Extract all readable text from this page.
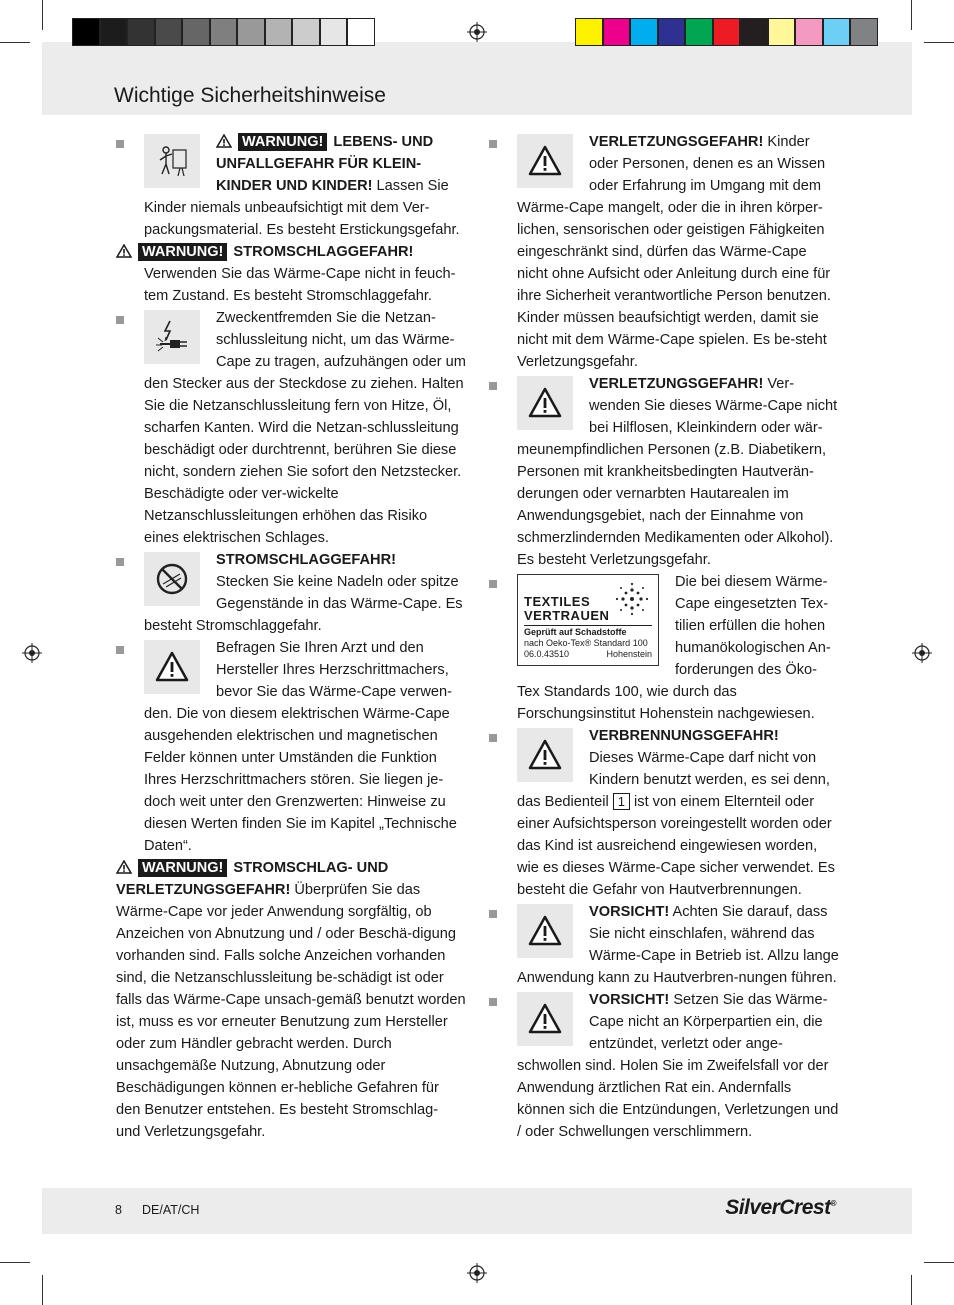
Wichtige Sicherheitshinweise
WARNUNG! LEBENS- UND UNFALLGEFAHR FÜR KLEIN-KINDER UND KINDER! Lassen Sie Kinder niemals unbeaufsichtigt mit dem Ver-packungsmaterial. Es besteht Erstickungsgefahr.
WARNUNG! STROMSCHLAGGEFAHR!
Verwenden Sie das Wärme-Cape nicht in feuch-tem Zustand. Es besteht Stromschlaggefahr.
Zweckentfremden Sie die Netzan-schlussleitung nicht, um das Wärme-Cape zu tragen, aufzuhängen oder um den Stecker aus der Steckdose zu ziehen. Halten Sie die Netzanschlussleitung fern von Hitze, Öl, scharfen Kanten. Wird die Netzan-schlussleitung beschädigt oder durchtrennt, berühren Sie diese nicht, sondern ziehen Sie sofort den Netzstecker. Beschädigte oder ver-wickelte Netzanschlussleitungen erhöhen das Risiko eines elektrischen Schlages.
STROMSCHLAGGEFAHR!
Stecken Sie keine Nadeln oder spitze Gegenstände in das Wärme-Cape. Es besteht Stromschlaggefahr.
Befragen Sie Ihren Arzt und den Hersteller Ihres Herzschrittmachers, bevor Sie das Wärme-Cape verwen-den. Die von diesem elektrischen Wärme-Cape ausgehenden elektrischen und magnetischen Felder können unter Umständen die Funktion Ihres Herzschrittmachers stören. Sie liegen je-doch weit unter den Grenzwerten: Hinweise zu diesen Werten finden Sie im Kapitel „Technische Daten“.
WARNUNG! STROMSCHLAG- UND VERLETZUNGSGEFAHR! Überprüfen Sie das Wärme-Cape vor jeder Anwendung sorgfältig, ob Anzeichen von Abnutzung und / oder Beschä-digung vorhanden sind. Falls solche Anzeichen vorhanden sind, die Netzanschlussleitung be-schädigt ist oder falls das Wärme-Cape unsach-gemäß benutzt worden ist, muss es vor erneuter Benutzung zum Hersteller oder zum Händler gebracht werden. Durch unsachgemäße Nutzung, Abnutzung oder Beschädigungen können er-hebliche Gefahren für den Benutzer entstehen. Es besteht Stromschlag- und Verletzungsgefahr.
VERLETZUNGSGEFAHR! Kinder oder Personen, denen es an Wissen oder Erfahrung im Umgang mit dem Wärme-Cape mangelt, oder die in ihren körper-lichen, sensorischen oder geistigen Fähigkeiten eingeschränkt sind, dürfen das Wärme-Cape nicht ohne Aufsicht oder Anleitung durch eine für ihre Sicherheit verantwortliche Person benutzen. Kinder müssen beaufsichtigt werden, damit sie nicht mit dem Wärme-Cape spielen. Es be-steht Verletzungsgefahr.
VERLETZUNGSGEFAHR! Ver-wenden Sie dieses Wärme-Cape nicht bei Hilflosen, Kleinkindern oder wär-meunempfindlichen Personen (z.B. Diabetikern, Personen mit krankheitsbedingten Hautverän-derungen oder vernarbten Hautarealen im Anwendungsgebiet, nach der Einnahme von schmerzlindernden Medikamenten oder Alkohol). Es besteht Verletzungsgefahr.
TEXTILES
VERTRAUEN
Geprüft auf Schadstoffe
nach Oeko-Tex® Standard 100
06.0.43510	Hohenstein
Die bei diesem Wärme-Cape eingesetzten Tex-tilien erfüllen die hohen humanökologischen An-forderungen des Öko-Tex Standards 100, wie durch das Forschungsinstitut Hohenstein nachgewiesen.
VERBRENNUNGSGEFAHR!
Dieses Wärme-Cape darf nicht von Kindern benutzt werden, es sei denn, das Bedienteil 1 ist von einem Elternteil oder einer Aufsichtsperson voreingestellt worden oder das Kind ist ausreichend eingewiesen worden, wie es dieses Wärme-Cape sicher verwendet. Es besteht die Gefahr von Hautverbrennungen.
VORSICHT! Achten Sie darauf, dass Sie nicht einschlafen, während das Wärme-Cape in Betrieb ist. Allzu lange Anwendung kann zu Hautverbren-nungen führen.
VORSICHT! Setzen Sie das Wärme-Cape nicht an Körperpartien ein, die entzündet, verletzt oder ange-schwollen sind. Holen Sie im Zweifelsfall vor der Anwendung ärztlichen Rat ein. Andernfalls können sich die Entzündungen, Verletzungen und / oder Schwellungen verschlimmern.
8 DE/AT/CH	SilverCrest®
